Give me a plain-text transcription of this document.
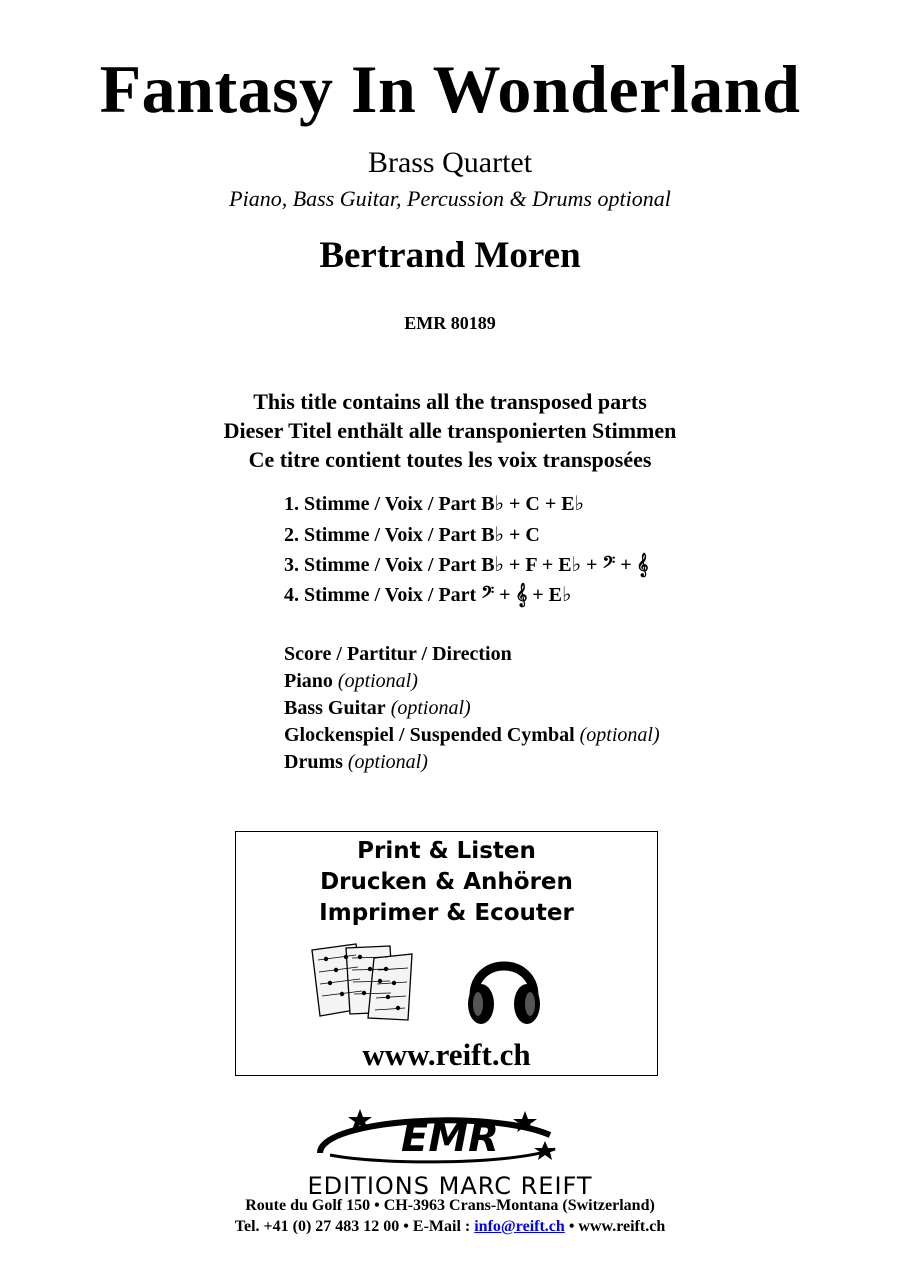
Fantasy In Wonderland
Brass Quartet
Piano, Bass Guitar, Percussion & Drums optional
Bertrand Moren
EMR 80189
This title contains all the transposed parts
Dieser Titel enthält alle transponierten Stimmen
Ce titre contient toutes les voix transposées
1. Stimme / Voix / Part B♭ + C + E♭
2. Stimme / Voix / Part B♭ + C
3. Stimme / Voix / Part B♭ + F + E♭ + 𝄢 + 𝄞
4. Stimme / Voix / Part 𝄢 + 𝄞 + E♭
Score / Partitur / Direction
Piano (optional)
Bass Guitar (optional)
Glockenspiel / Suspended Cymbal (optional)
Drums (optional)
Print & Listen
Drucken & Anhören
Imprimer & Ecouter
www.reift.ch
EMR
EDITIONS MARC REIFT
Route du Golf 150 • CH-3963 Crans-Montana (Switzerland)
Tel. +41 (0) 27 483 12 00 • E-Mail : info@reift.ch • www.reift.ch
